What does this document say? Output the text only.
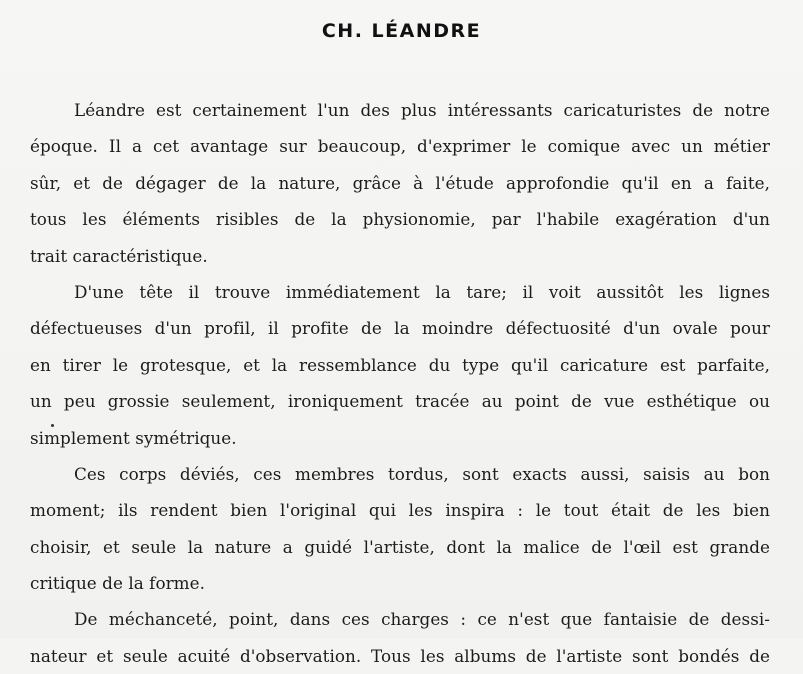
CH. LÉANDRE
Léandre est certainement l'un des plus intéressants caricaturistes de notre
époque. Il a cet avantage sur beaucoup, d'exprimer le comique avec un métier
sûr, et de dégager de la nature, grâce à l'étude approfondie qu'il en a faite,
tous les éléments risibles de la physionomie, par l'habile exagération d'un
trait caractéristique.
D'une tête il trouve immédiatement la tare; il voit aussitôt les lignes
défectueuses d'un profil, il profite de la moindre défectuosité d'un ovale pour
en tirer le grotesque, et la ressemblance du type qu'il caricature est parfaite,
un peu grossie seulement, ironiquement tracée au point de vue esthétique ou
simplement symétrique.
Ces corps déviés, ces membres tordus, sont exacts aussi, saisis au bon
moment; ils rendent bien l'original qui les inspira : le tout était de les bien
choisir, et seule la nature a guidé l'artiste, dont la malice de l'œil est grande
critique de la forme.
De méchanceté, point, dans ces charges : ce n'est que fantaisie de dessi-
nateur et seule acuité d'observation. Tous les albums de l'artiste sont bondés de
